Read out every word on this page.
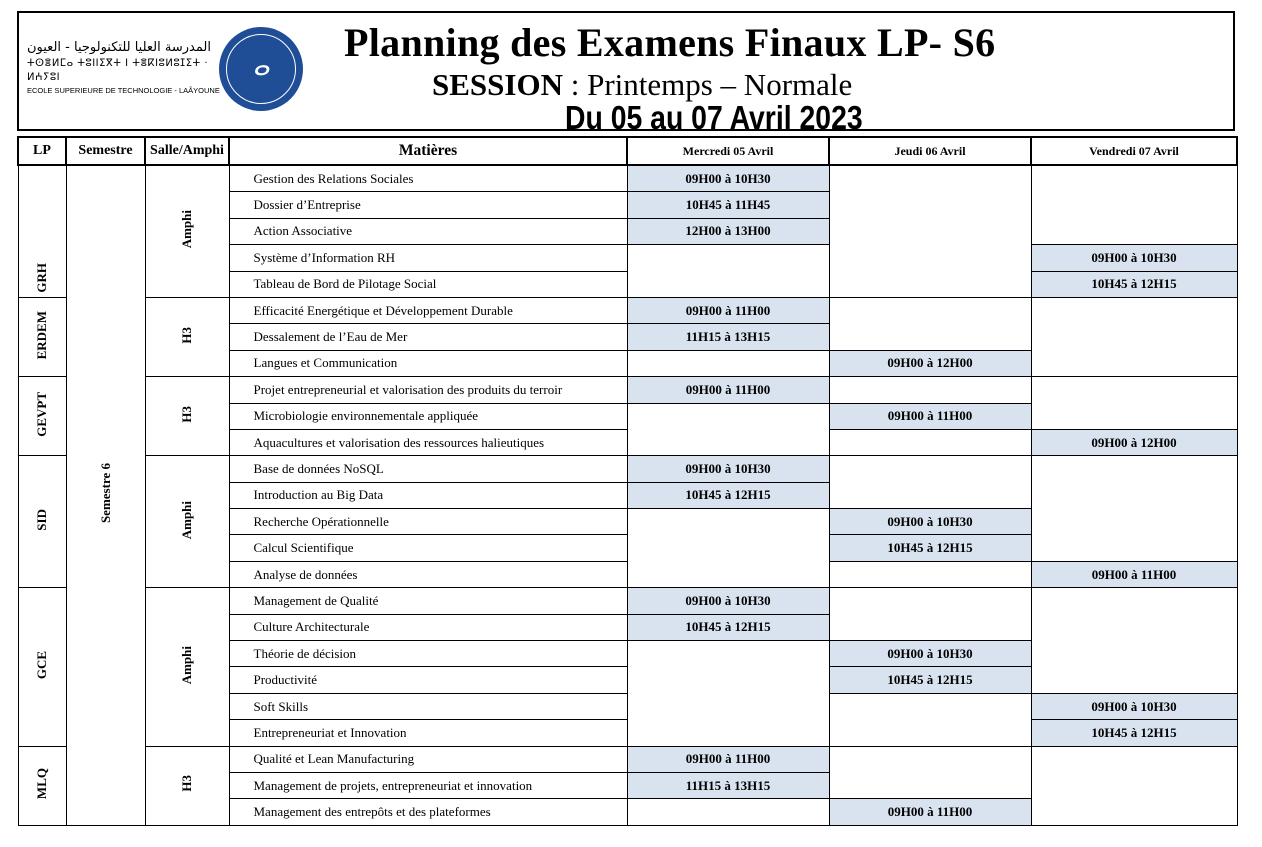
المدرسة العليا للتكنولوجيا - العيون
ⵜⵙⴻⵍⵎⴰ ⵜⵓⵏⵏⵉⴳⵜ ⵏ ⵜⴻⴽⵏⵓⵍⵓⵊⵉⵜ · ⵍⵄⵢⵓⵏ
ECOLE SUPERIEURE DE TECHNOLOGIE - LAÂYOUNE
ⴰ
Planning des Examens Finaux LP- S6
SESSION : Printemps – Normale
Du 05 au 07 Avril 2023
LP	Semestre	Salle/Amphi	Matières	Mercredi 05 Avril	Jeudi 06 Avril	Vendredi 07 Avril
GRH	Semestre 6	Amphi	Gestion des Relations Sociales	09H00 à 10H30		
			Dossier d’Entreprise	10H45 à 11H45		
			Action Associative	12H00 à 13H00		
			Système d’Information RH			09H00 à 10H30
			Tableau de Bord de Pilotage Social			10H45 à 12H15
ERDEM		H3	Efficacité Energétique et Développement Durable	09H00 à 11H00		
			Dessalement de l’Eau de Mer	11H15 à 13H15		
			Langues et Communication		09H00 à 12H00	
GEVPT		H3	Projet entrepreneurial et valorisation des produits du terroir	09H00 à 11H00		
			Microbiologie environnementale appliquée		09H00 à 11H00	
			Aquacultures et valorisation des ressources halieutiques			09H00 à 12H00
SID		Amphi	Base de données NoSQL	09H00 à 10H30		
			Introduction au Big Data	10H45 à 12H15		
			Recherche Opérationnelle		09H00 à 10H30	
			Calcul Scientifique		10H45 à 12H15	
			Analyse de données			09H00 à 11H00
GCE		Amphi	Management de Qualité	09H00 à 10H30		
			Culture Architecturale	10H45 à 12H15		
			Théorie de décision		09H00 à 10H30	
			Productivité		10H45 à 12H15	
			Soft Skills			09H00 à 10H30
			Entrepreneuriat et Innovation			10H45 à 12H15
MLQ		H3	Qualité et Lean Manufacturing	09H00 à 11H00		
			Management de projets, entrepreneuriat et innovation	11H15 à 13H15		
			Management des entrepôts et des plateformes		09H00 à 11H00	
